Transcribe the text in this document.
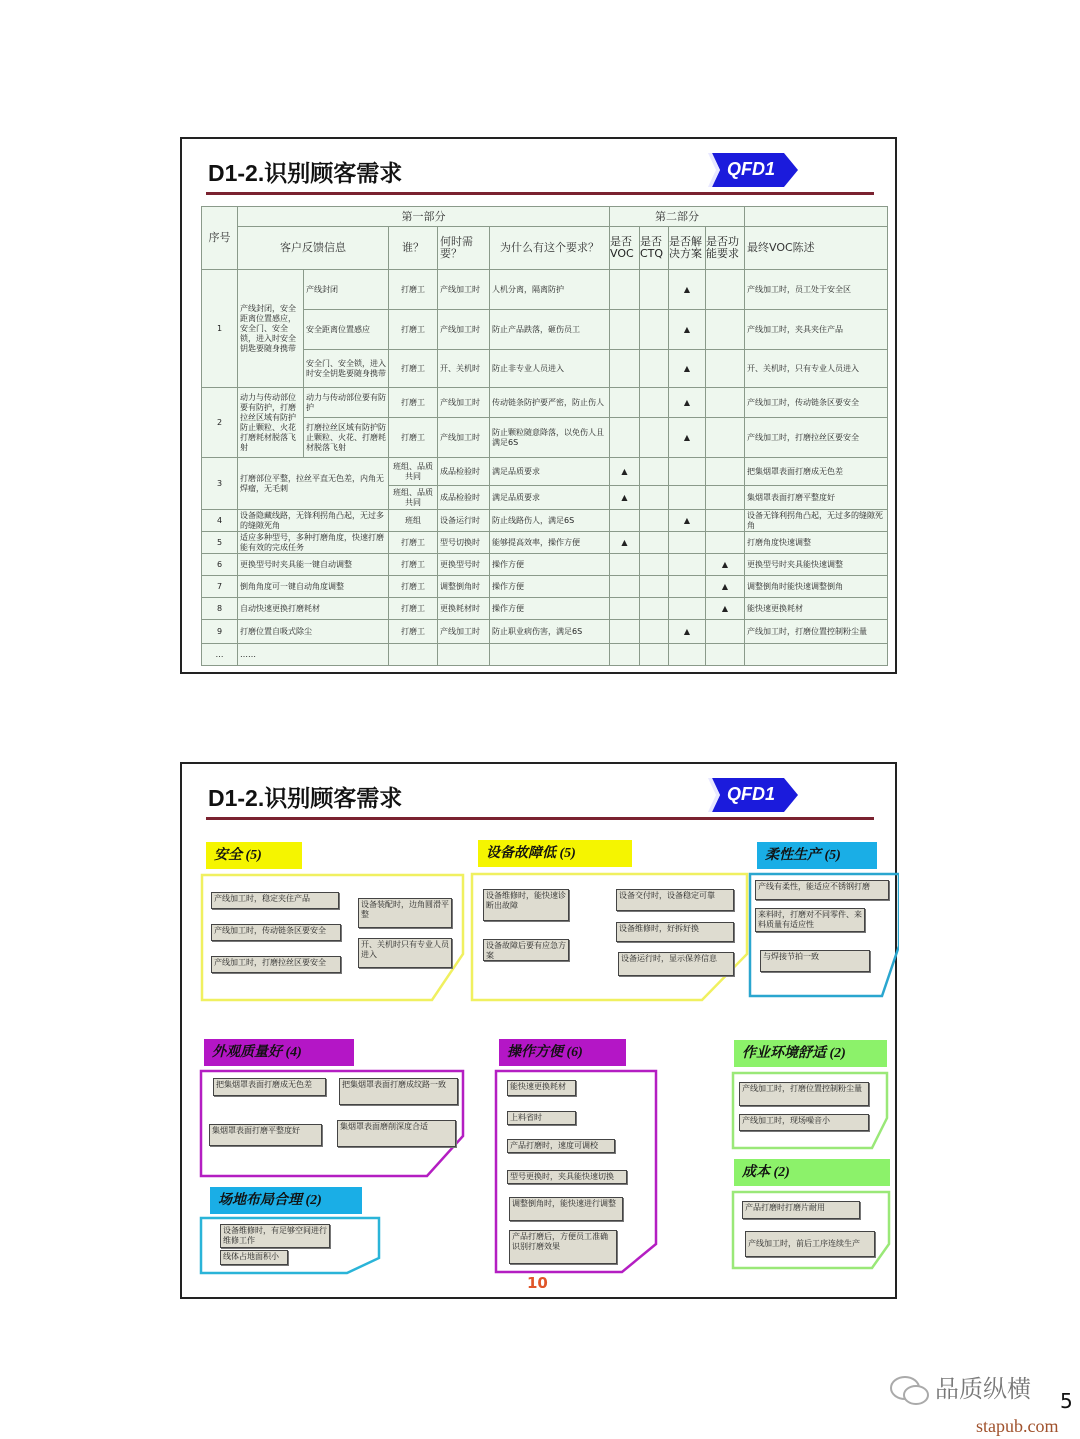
D1-2.识别顾客需求	QFD1
序号	第一部分					第二部分				
	客户反馈信息		谁？	何时需要？	为什么有这个要求？	是否VOC	是否CTQ	是否解决方案	是否功能要求	最终VOC陈述
1	产线封闭，安全距离位置感应，安全门、安全锁，进入时安全钥匙要随身携带	产线封闭	打磨工	产线加工时	人机分离，隔离防护			▲		产线加工时，员工处于安全区
		安全距离位置感应	打磨工	产线加工时	防止产品跌落，砸伤员工			▲		产线加工时，夹具夹住产品
		安全门、安全锁，进入时安全钥匙要随身携带	打磨工	开、关机时	防止非专业人员进入			▲		开、关机时，只有专业人员进入
2	动力与传动部位要有防护，打磨拉丝区域有防护防止颗粒、火花打磨耗材脱落飞射	动力与传动部位要有防护	打磨工	产线加工时	传动链条防护要严密，防止伤人			▲		产线加工时，传动链条区要安全
		打磨拉丝区域有防护防止颗粒、火花、打磨耗材脱落飞射	打磨工	产线加工时	防止颗粒随意降落，以免伤人且满足6S			▲		产线加工时，打磨拉丝区要安全
3	打磨部位平整，拉丝平直无色差，内角无焊瘤，无毛刺		班组、品质共同	成品检验时	满足品质要求	▲				把集烟罩表面打磨成无色差
			班组、品质共同	成品检验时	满足品质要求	▲				集烟罩表面打磨平整度好
4	设备隐藏线路，无锋利拐角凸起，无过多的缝隙死角		班组	设备运行时	防止线路伤人，满足6S			▲		设备无锋利拐角凸起，无过多的缝隙死角
5	适应多种型号，多种打磨角度，快速打磨能有效的完成任务		打磨工	型号切换时	能够提高效率，操作方便	▲				打磨角度快速调整
6	更换型号时夹具能一键自动调整		打磨工	更换型号时	操作方便				▲	更换型号时夹具能快速调整
7	倒角角度可一键自动角度调整		打磨工	调整倒角时	操作方便				▲	调整倒角时能快速调整倒角
8	自动快速更换打磨耗材		打磨工	更换耗材时	操作方便				▲	能快速更换耗材
9	打磨位置自吸式除尘		打磨工	产线加工时	防止职业病伤害，满足6S			▲		产线加工时，打磨位置控制粉尘量
…	……									
D1-2.识别顾客需求	QFD1
安全 (5)	设备故障低 (5)	柔性生产 (5)
外观质量好 (4)
场地布局合理 (2)
操作方便 (6)	作业环境舒适 (2)
成本 (2)
产线加工时，稳定夹住产品
产线加工时，传动链条区要安全
产线加工时，打磨拉丝区要安全
设备装配时，边角圆滑平整
开、关机时只有专业人员进入
设备维修时，能快速诊断出故障
设备故障后要有应急方案
设备交付时，设备稳定可靠
设备维修时，好拆好换
设备运行时，显示保养信息
产线有柔性，能适应不锈钢打磨
来料时，打磨对不同零件、来料质量有适应性
与焊接节拍一致
把集烟罩表面打磨成无色差	把集烟罩表面打磨成纹路一致
集烟罩表面打磨平整度好	集烟罩表面磨削深度合适
设备维修时，有足够空间进行维修工作
线体占地面积小
能快速更换耗材
上料省时
产品打磨时，速度可调校
型号更换时，夹具能快速切换
调整倒角时，能快速进行调整
产品打磨后，方便员工准确识别打磨效果
产线加工时，打磨位置控制粉尘量
产线加工时，现场噪音小
产品打磨时打磨片耐用
产线加工时，前后工序连续生产
10
品质纵横
stapub.com
5
